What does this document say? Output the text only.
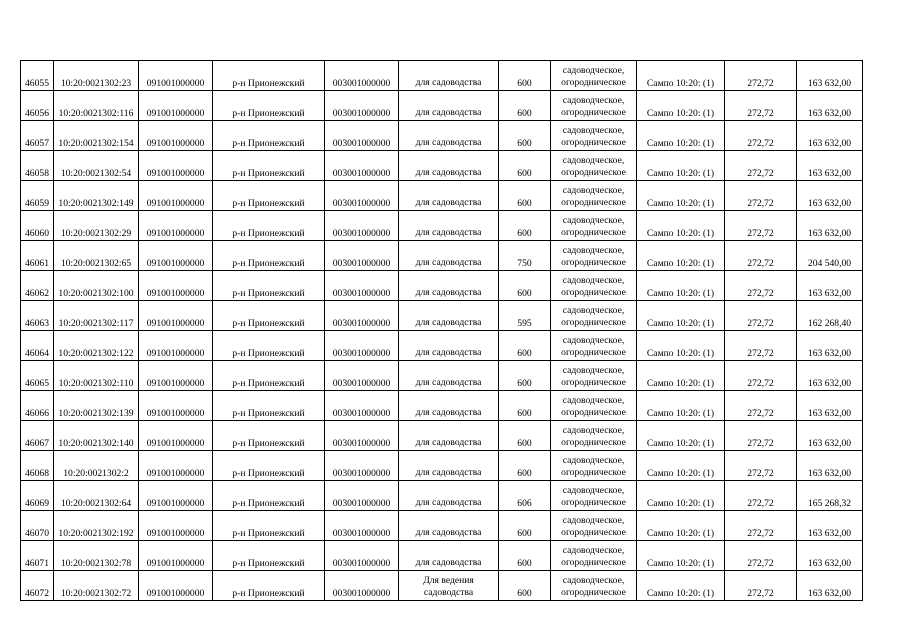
46055	10:20:0021302:23	091001000000	р-н Прионежский	003001000000	для садоводства	600	садоводческое, огородническое	Сампо 10:20: (1)	272,72	163 632,00
46056	10:20:0021302:116	091001000000	р-н Прионежский	003001000000	для садоводства	600	садоводческое, огородническое	Сампо 10:20: (1)	272,72	163 632,00
46057	10:20:0021302:154	091001000000	р-н Прионежский	003001000000	для садоводства	600	садоводческое, огородническое	Сампо 10:20: (1)	272,72	163 632,00
46058	10:20:0021302:54	091001000000	р-н Прионежский	003001000000	для садоводства	600	садоводческое, огородническое	Сампо 10:20: (1)	272,72	163 632,00
46059	10:20:0021302:149	091001000000	р-н Прионежский	003001000000	для садоводства	600	садоводческое, огородническое	Сампо 10:20: (1)	272,72	163 632,00
46060	10:20:0021302:29	091001000000	р-н Прионежский	003001000000	для садоводства	600	садоводческое, огородническое	Сампо 10:20: (1)	272,72	163 632,00
46061	10:20:0021302:65	091001000000	р-н Прионежский	003001000000	для садоводства	750	садоводческое, огородническое	Сампо 10:20: (1)	272,72	204 540,00
46062	10:20:0021302:100	091001000000	р-н Прионежский	003001000000	для садоводства	600	садоводческое, огородническое	Сампо 10:20: (1)	272,72	163 632,00
46063	10:20:0021302:117	091001000000	р-н Прионежский	003001000000	для садоводства	595	садоводческое, огородническое	Сампо 10:20: (1)	272,72	162 268,40
46064	10:20:0021302:122	091001000000	р-н Прионежский	003001000000	для садоводства	600	садоводческое, огородническое	Сампо 10:20: (1)	272,72	163 632,00
46065	10:20:0021302:110	091001000000	р-н Прионежский	003001000000	для садоводства	600	садоводческое, огородническое	Сампо 10:20: (1)	272,72	163 632,00
46066	10:20:0021302:139	091001000000	р-н Прионежский	003001000000	для садоводства	600	садоводческое, огородническое	Сампо 10:20: (1)	272,72	163 632,00
46067	10:20:0021302:140	091001000000	р-н Прионежский	003001000000	для садоводства	600	садоводческое, огородническое	Сампо 10:20: (1)	272,72	163 632,00
46068	10:20:0021302:2	091001000000	р-н Прионежский	003001000000	для садоводства	600	садоводческое, огородническое	Сампо 10:20: (1)	272,72	163 632,00
46069	10:20:0021302:64	091001000000	р-н Прионежский	003001000000	для садоводства	606	садоводческое, огородническое	Сампо 10:20: (1)	272,72	165 268,32
46070	10:20:0021302:192	091001000000	р-н Прионежский	003001000000	для садоводства	600	садоводческое, огородническое	Сампо 10:20: (1)	272,72	163 632,00
46071	10:20:0021302:78	091001000000	р-н Прионежский	003001000000	для садоводства	600	садоводческое, огородническое	Сампо 10:20: (1)	272,72	163 632,00
46072	10:20:0021302:72	091001000000	р-н Прионежский	003001000000	Для ведения садоводства	600	садоводческое, огородническое	Сампо 10:20: (1)	272,72	163 632,00
